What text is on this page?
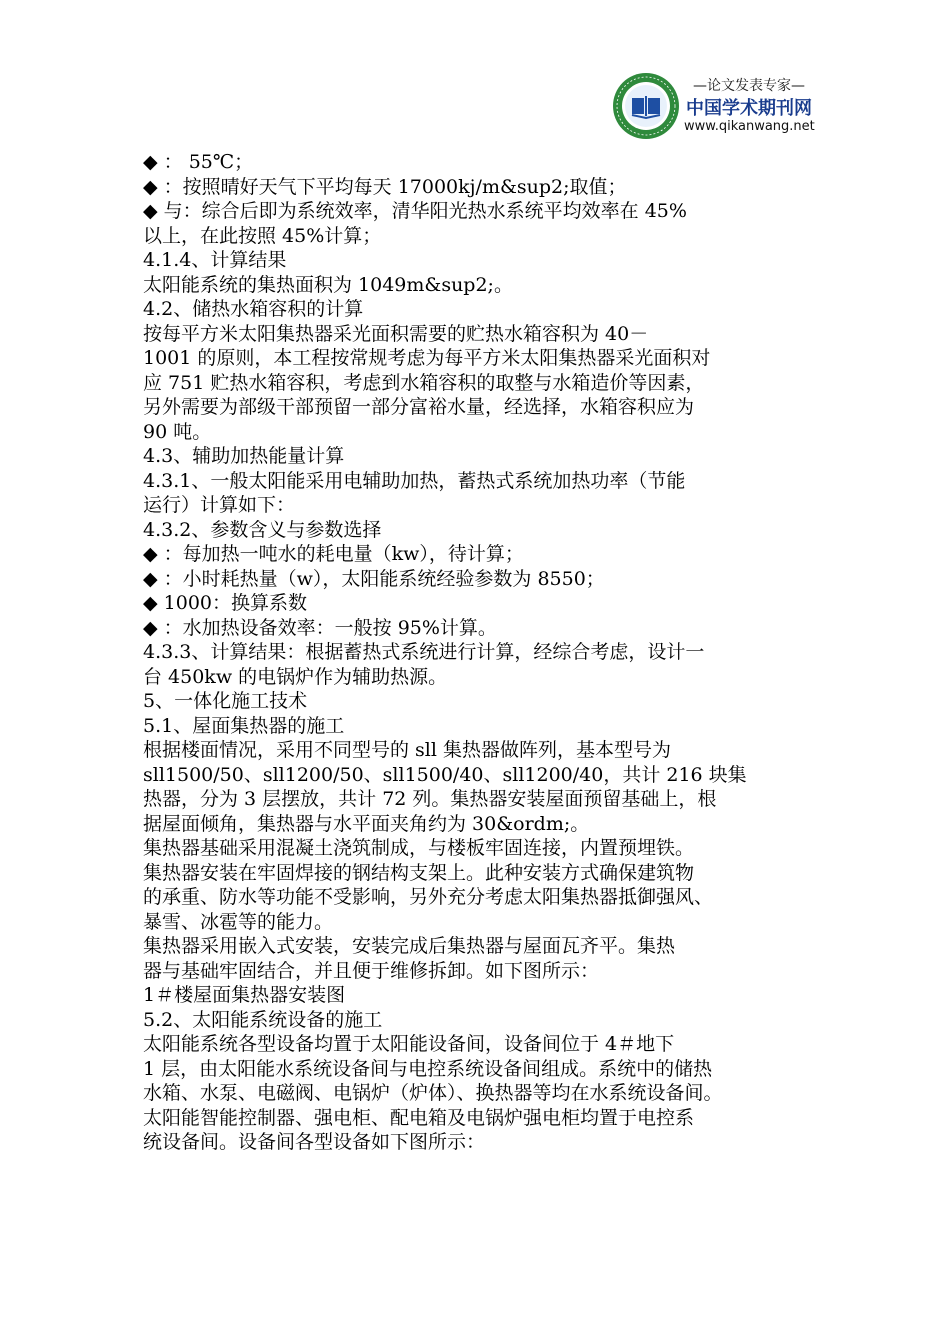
—论文发表专家—
中国学术期刊网
www.qikanwang.net
◆ ： 55℃；
◆ ：按照晴好天气下平均每天 17000kj/m&sup2;取值；
◆ 与：综合后即为系统效率，清华阳光热水系统平均效率在 45%
以上，在此按照 45%计算；
4.1.4、计算结果
太阳能系统的集热面积为 1049m&sup2;。
4.2、储热水箱容积的计算
按每平方米太阳集热器采光面积需要的贮热水箱容积为 40－
1001 的原则，本工程按常规考虑为每平方米太阳集热器采光面积对
应 751 贮热水箱容积，考虑到水箱容积的取整与水箱造价等因素，
另外需要为部级干部预留一部分富裕水量，经选择，水箱容积应为
90 吨。
4.3、辅助加热能量计算
4.3.1、一般太阳能采用电辅助加热，蓄热式系统加热功率（节能
运行）计算如下：
4.3.2、参数含义与参数选择
◆ ：每加热一吨水的耗电量（kw），待计算；
◆ ：小时耗热量（w），太阳能系统经验参数为 8550；
◆ 1000：换算系数
◆ ：水加热设备效率：一般按 95%计算。
4.3.3、计算结果：根据蓄热式系统进行计算，经综合考虑，设计一
台 450kw 的电锅炉作为辅助热源。
5、一体化施工技术
5.1、屋面集热器的施工
根据楼面情况，采用不同型号的 sll 集热器做阵列，基本型号为
sll1500/50、sll1200/50、sll1500/40、sll1200/40，共计 216 块集
热器，分为 3 层摆放，共计 72 列。集热器安装屋面预留基础上，根
据屋面倾角，集热器与水平面夹角约为 30&ordm;。
集热器基础采用混凝土浇筑制成，与楼板牢固连接，内置预埋铁。
集热器安装在牢固焊接的钢结构支架上。此种安装方式确保建筑物
的承重、防水等功能不受影响，另外充分考虑太阳集热器抵御强风、
暴雪、冰雹等的能力。
集热器采用嵌入式安装，安装完成后集热器与屋面瓦齐平。集热
器与基础牢固结合，并且便于维修拆卸。如下图所示：
1＃楼屋面集热器安装图
5.2、太阳能系统设备的施工
太阳能系统各型设备均置于太阳能设备间，设备间位于 4＃地下
1 层，由太阳能水系统设备间与电控系统设备间组成。系统中的储热
水箱、水泵、电磁阀、电锅炉（炉体）、换热器等均在水系统设备间。
太阳能智能控制器、强电柜、配电箱及电锅炉强电柜均置于电控系
统设备间。设备间各型设备如下图所示：
